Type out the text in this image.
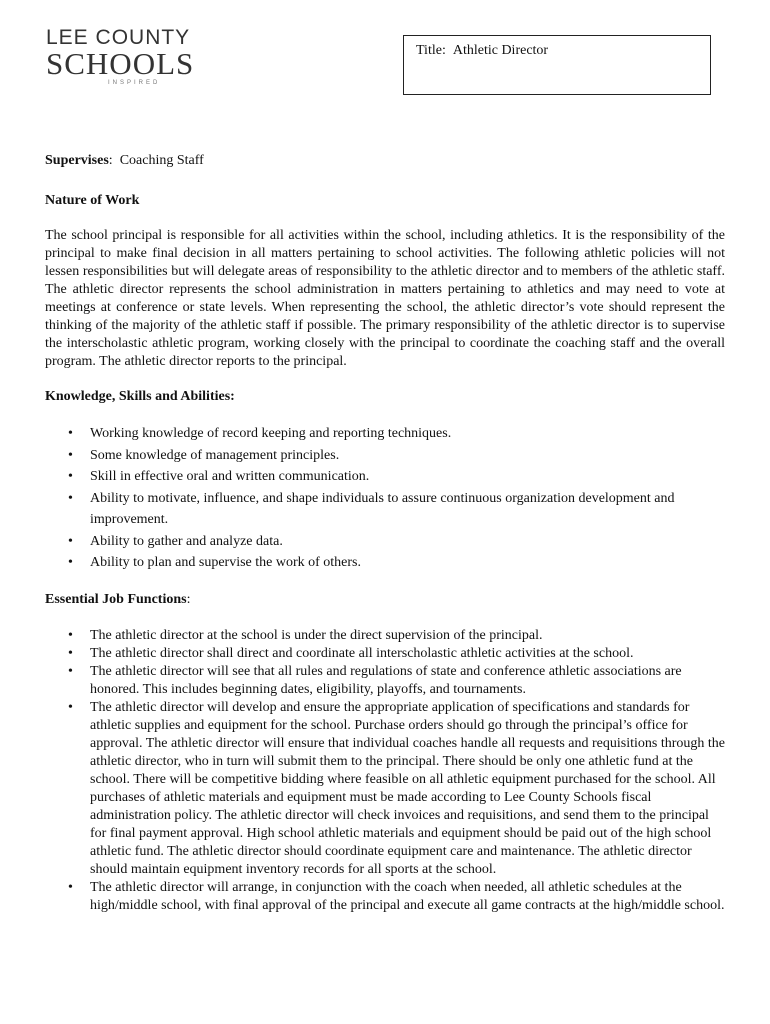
LEE COUNTY
SCHOOLS
INSPIRED
Title: Athletic Director

Supervises:  Coaching Staff

Nature of Work

The school principal is responsible for all activities within the school, including athletics. It is the responsibility of the principal to make final decision in all matters pertaining to school activities. The following athletic policies will not lessen responsibilities but will delegate areas of responsibility to the athletic director and to members of the athletic staff. The athletic director represents the school administration in matters pertaining to athletics and may need to vote at meetings at conference or state levels. When representing the school, the athletic director’s vote should represent the thinking of the majority of the athletic staff if possible. The primary responsibility of the athletic director is to supervise the interscholastic athletic program, working closely with the principal to coordinate the coaching staff and the overall program. The athletic director reports to the principal.

Knowledge, Skills and Abilities:

• Working knowledge of record keeping and reporting techniques.
• Some knowledge of management principles.
• Skill in effective oral and written communication.
• Ability to motivate, influence, and shape individuals to assure continuous organization development and improvement.
• Ability to gather and analyze data.
• Ability to plan and supervise the work of others.

Essential Job Functions:

• The athletic director at the school is under the direct supervision of the principal.
• The athletic director shall direct and coordinate all interscholastic athletic activities at the school.
• The athletic director will see that all rules and regulations of state and conference athletic associations are honored. This includes beginning dates, eligibility, playoffs, and tournaments.
• The athletic director will develop and ensure the appropriate application of specifications and standards for athletic supplies and equipment for the school. Purchase orders should go through the principal’s office for approval. The athletic director will ensure that individual coaches handle all requests and requisitions through the athletic director, who in turn will submit them to the principal. There should be only one athletic fund at the school. There will be competitive bidding where feasible on all athletic equipment purchased for the school. All purchases of athletic materials and equipment must be made according to Lee County Schools fiscal administration policy. The athletic director will check invoices and requisitions, and send them to the principal for final payment approval. High school athletic materials and equipment should be paid out of the high school athletic fund. The athletic director should coordinate equipment care and maintenance. The athletic director should maintain equipment inventory records for all sports at the school.
• The athletic director will arrange, in conjunction with the coach when needed, all athletic schedules at the high/middle school, with final approval of the principal and execute all game contracts at the high/middle school.
